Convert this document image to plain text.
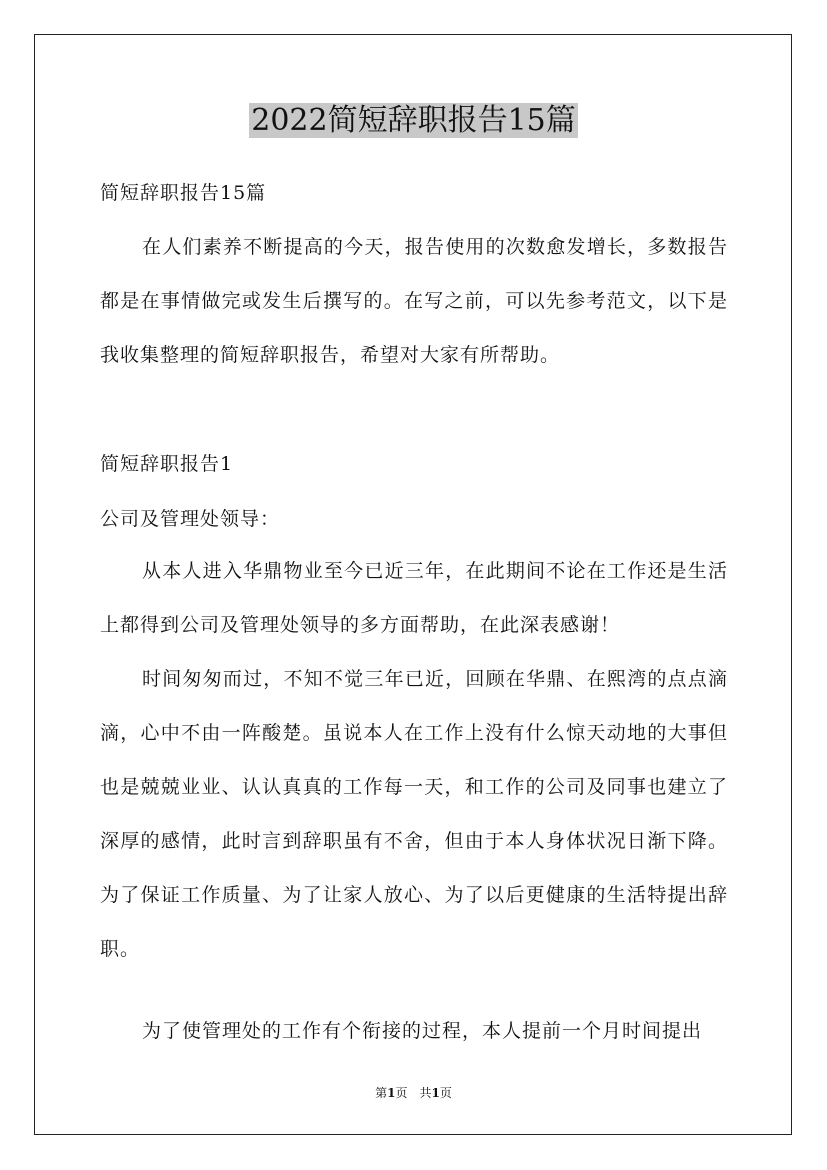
2022简短辞职报告15篇

简短辞职报告15篇

在人们素养不断提高的今天，报告使用的次数愈发增长，多数报告都是在事情做完或发生后撰写的。在写之前，可以先参考范文，以下是我收集整理的简短辞职报告，希望对大家有所帮助。

简短辞职报告1

公司及管理处领导：

从本人进入华鼎物业至今已近三年，在此期间不论在工作还是生活上都得到公司及管理处领导的多方面帮助，在此深表感谢！

时间匆匆而过，不知不觉三年已近，回顾在华鼎、在熙湾的点点滴滴，心中不由一阵酸楚。虽说本人在工作上没有什么惊天动地的大事但也是兢兢业业、认认真真的工作每一天，和工作的公司及同事也建立了深厚的感情，此时言到辞职虽有不舍，但由于本人身体状况日渐下降。为了保证工作质量、为了让家人放心、为了以后更健康的生活特提出辞职。

为了使管理处的工作有个衔接的过程，本人提前一个月时间提出

第1页　共1页
